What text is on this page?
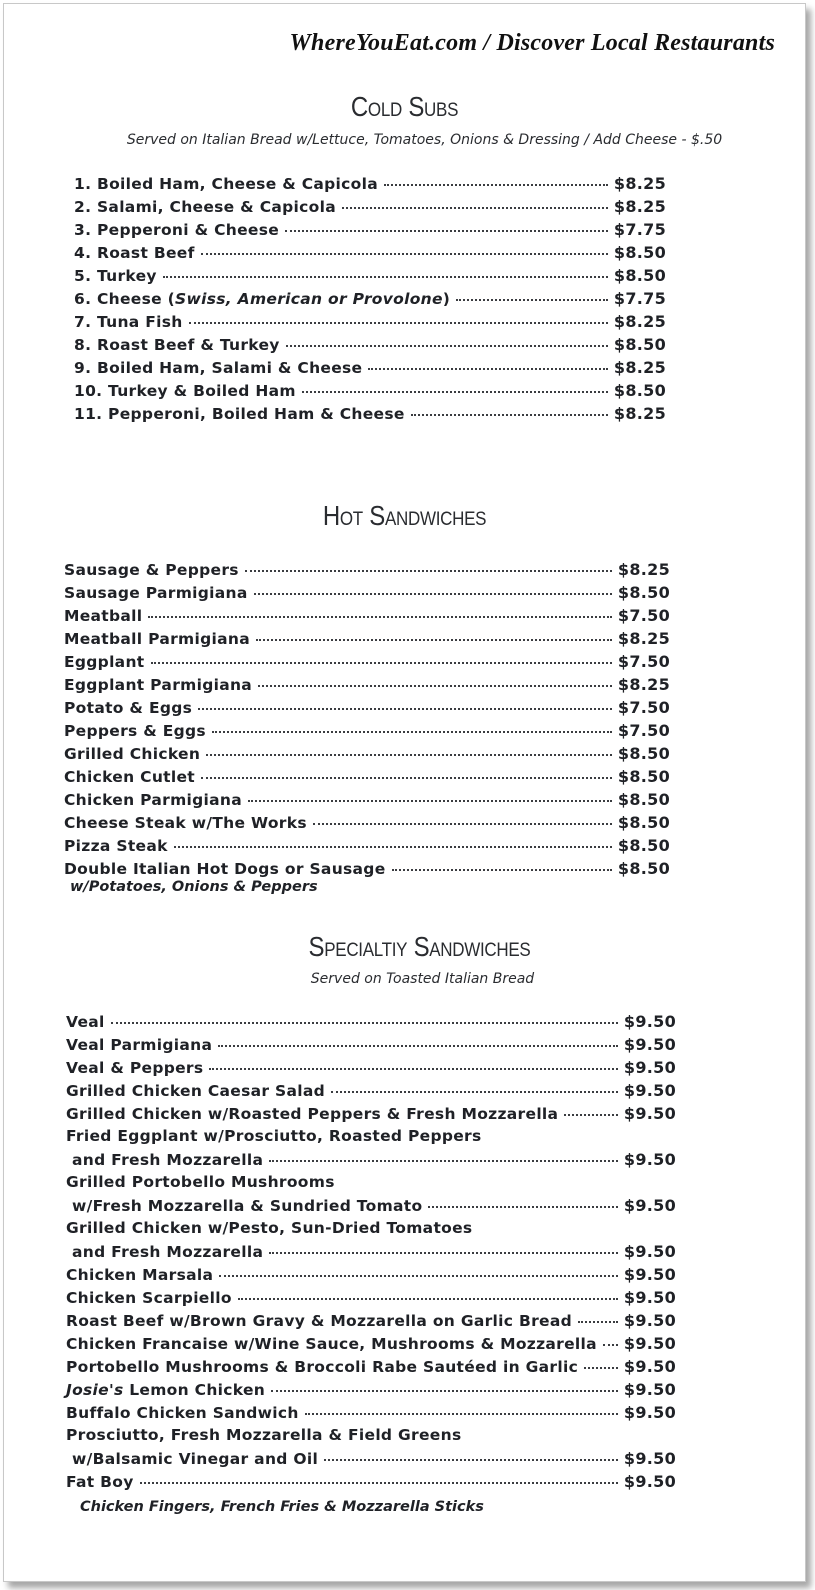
WhereYouEat.com / Discover Local Restaurants
Cold Subs
Served on Italian Bread w/Lettuce, Tomatoes, Onions & Dressing / Add Cheese - $.50
1. Boiled Ham, Cheese & Capicola	$8.25
2. Salami, Cheese & Capicola	$8.25
3. Pepperoni & Cheese	$7.75
4. Roast Beef	$8.50
5. Turkey	$8.50
6. Cheese (Swiss, American or Provolone)	$7.75
7. Tuna Fish	$8.25
8. Roast Beef & Turkey	$8.50
9. Boiled Ham, Salami & Cheese	$8.25
10. Turkey & Boiled Ham	$8.50
11. Pepperoni, Boiled Ham & Cheese	$8.25
Hot Sandwiches
Sausage & Peppers	$8.25
Sausage Parmigiana	$8.50
Meatball	$7.50
Meatball Parmigiana	$8.25
Eggplant	$7.50
Eggplant Parmigiana	$8.25
Potato & Eggs	$7.50
Peppers & Eggs	$7.50
Grilled Chicken	$8.50
Chicken Cutlet	$8.50
Chicken Parmigiana	$8.50
Cheese Steak w/The Works	$8.50
Pizza Steak	$8.50
Double Italian Hot Dogs or Sausage	$8.50
w/Potatoes, Onions & Peppers
Specialtiy Sandwiches
Served on Toasted Italian Bread
Veal	$9.50
Veal Parmigiana	$9.50
Veal & Peppers	$9.50
Grilled Chicken Caesar Salad	$9.50
Grilled Chicken w/Roasted Peppers & Fresh Mozzarella	$9.50
Fried Eggplant w/Prosciutto, Roasted Peppers
and Fresh Mozzarella	$9.50
Grilled Portobello Mushrooms
w/Fresh Mozzarella & Sundried Tomato	$9.50
Grilled Chicken w/Pesto, Sun-Dried Tomatoes
and Fresh Mozzarella	$9.50
Chicken Marsala	$9.50
Chicken Scarpiello	$9.50
Roast Beef w/Brown Gravy & Mozzarella on Garlic Bread	$9.50
Chicken Francaise w/Wine Sauce, Mushrooms & Mozzarella $9.50
Portobello Mushrooms & Broccoli Rabe Sautéed in Garlic	$9.50
Josie's Lemon Chicken	$9.50
Buffalo Chicken Sandwich	$9.50
Prosciutto, Fresh Mozzarella & Field Greens
w/Balsamic Vinegar and Oil	$9.50
Fat Boy	$9.50
Chicken Fingers, French Fries & Mozzarella Sticks
